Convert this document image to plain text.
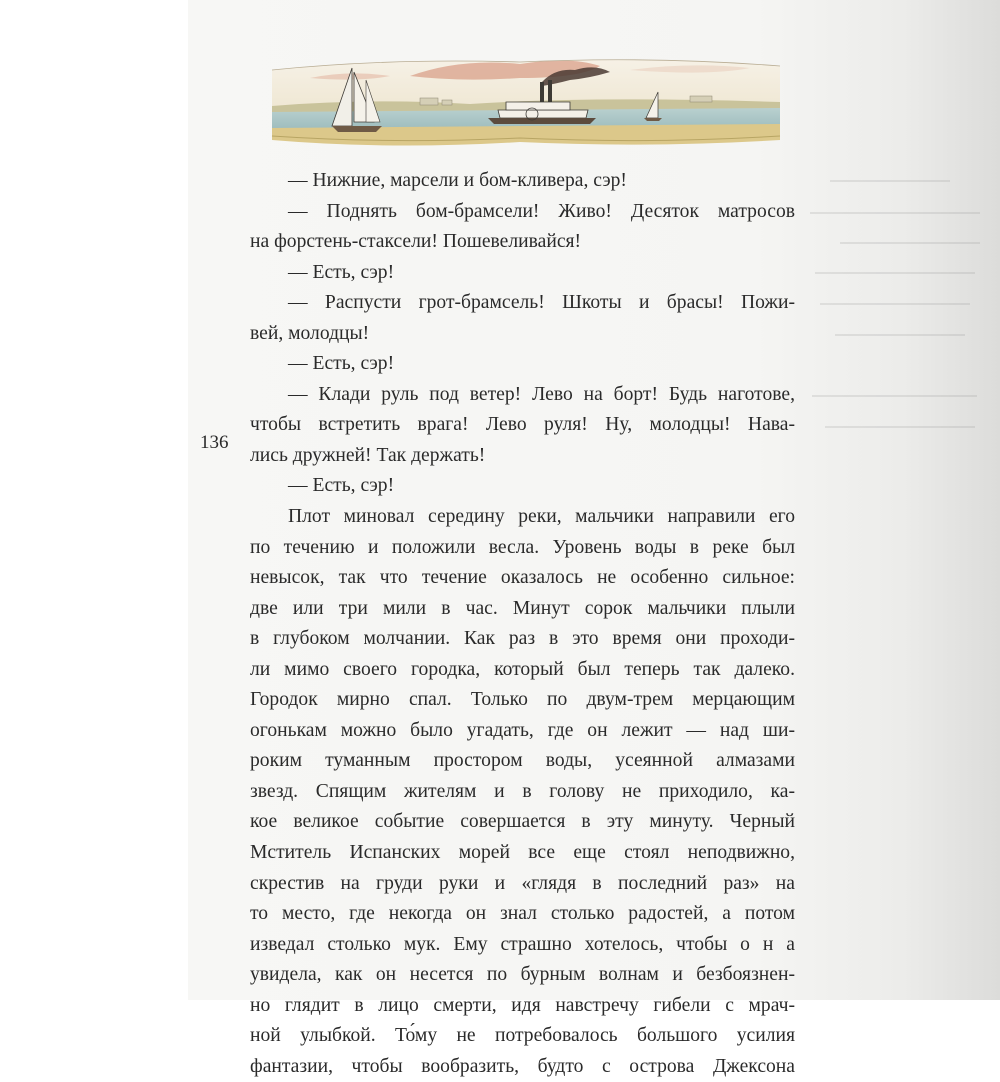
136
— Нижние, марсели и бом-кливера, сэр!
— Поднять бом-брамсели! Живо! Десяток матросов
на форстень-стаксели! Пошевеливайся!
— Есть, сэр!
— Распусти грот-брамсель! Шкоты и брасы! Пожи-
вей, молодцы!
— Есть, сэр!
— Клади руль под ветер! Лево на борт! Будь наготове,
чтобы встретить врага! Лево руля! Ну, молодцы! Нава-
лись дружней! Так держать!
— Есть, сэр!
Плот миновал середину реки, мальчики направили его
по течению и положили весла. Уровень воды в реке был
невысок, так что течение оказалось не особенно сильное:
две или три мили в час. Минут сорок мальчики плыли
в глубоком молчании. Как раз в это время они проходи-
ли мимо своего городка, который был теперь так далеко.
Городок мирно спал. Только по двум-трем мерцающим
огонькам можно было угадать, где он лежит — над ши-
роким туманным простором воды, усеянной алмазами
звезд. Спящим жителям и в голову не приходило, ка-
кое великое событие совершается в эту минуту. Черный
Мститель Испанских морей все еще стоял неподвижно,
скрестив на груди руки и «глядя в последний раз» на
то место, где некогда он знал столько радостей, а потом
изведал столько мук. Ему страшно хотелось, чтобы о н а
увидела, как он несется по бурным волнам и безбоязнен-
но глядит в лицо смерти, идя навстречу гибели с мрач-
ной улыбкой. То́му не потребовалось большого усилия
фантазии, чтобы вообразить, будто с острова Джексона
